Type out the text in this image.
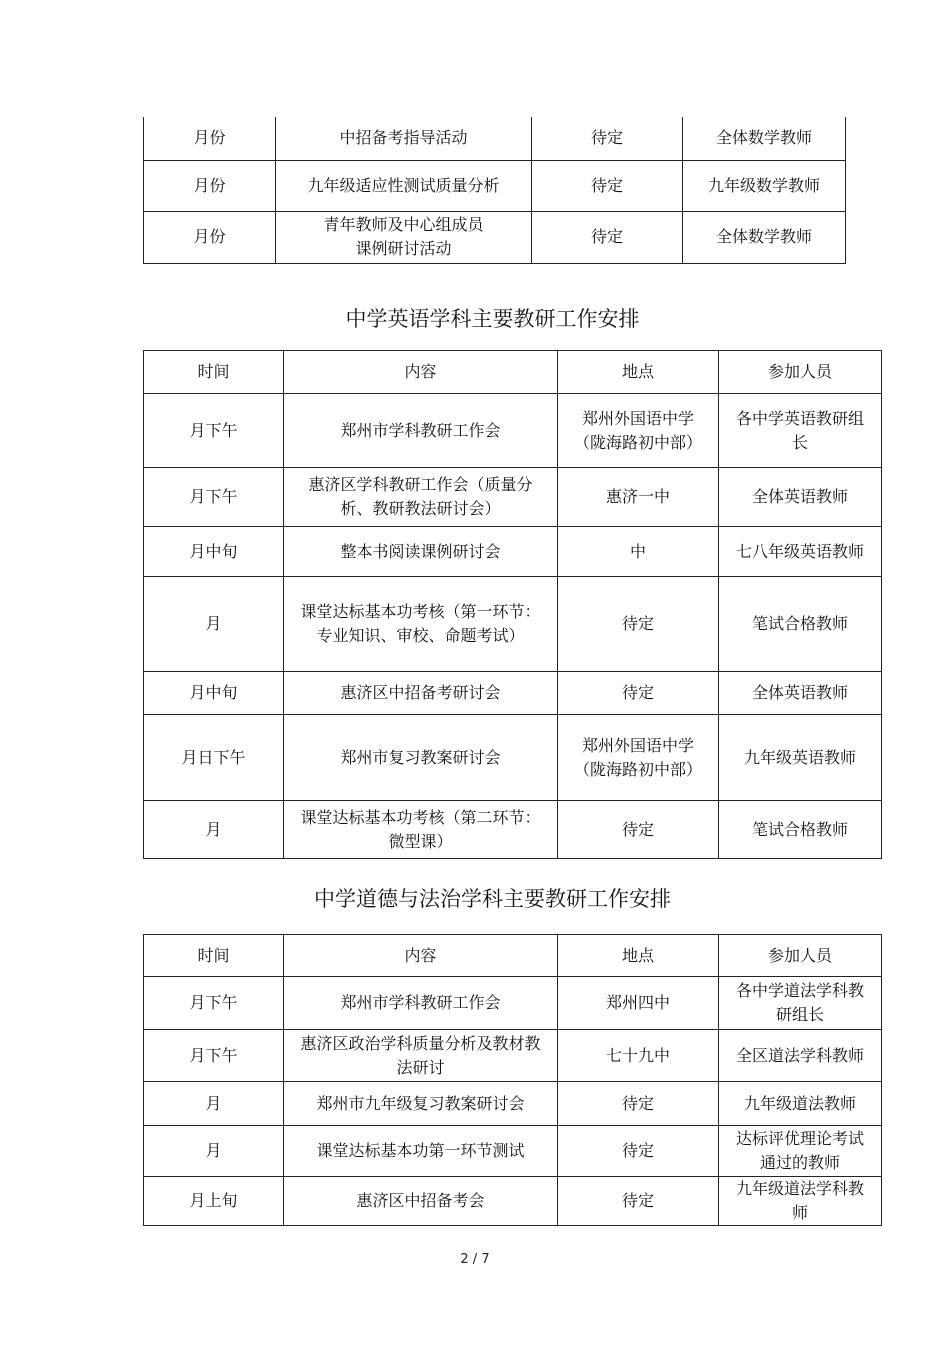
月份	中招备考指导活动	待定	全体数学教师
月份	九年级适应性测试质量分析	待定	九年级数学教师
月份	青年教师及中心组成员课例研讨活动	待定	全体数学教师
中学英语学科主要教研工作安排
时间	内容	地点	参加人员
月下午	郑州市学科教研工作会	郑州外国语中学（陇海路初中部）	各中学英语教研组长
月下午	惠济区学科教研工作会（质量分析、教研教法研讨会）	惠济一中	全体英语教师
月中旬	整本书阅读课例研讨会	中	七八年级英语教师
月	课堂达标基本功考核（第一环节：专业知识、审校、命题考试）	待定	笔试合格教师
月中旬	惠济区中招备考研讨会	待定	全体英语教师
月日下午	郑州市复习教案研讨会	郑州外国语中学（陇海路初中部）	九年级英语教师
月	课堂达标基本功考核（第二环节：微型课）	待定	笔试合格教师
中学道德与法治学科主要教研工作安排
时间	内容	地点	参加人员
月下午	郑州市学科教研工作会	郑州四中	各中学道法学科教研组长
月下午	惠济区政治学科质量分析及教材教法研讨	七十九中	全区道法学科教师
月	郑州市九年级复习教案研讨会	待定	九年级道法教师
月	课堂达标基本功第一环节测试	待定	达标评优理论考试通过的教师
月上旬	惠济区中招备考会	待定	九年级道法学科教师
2 / 7
